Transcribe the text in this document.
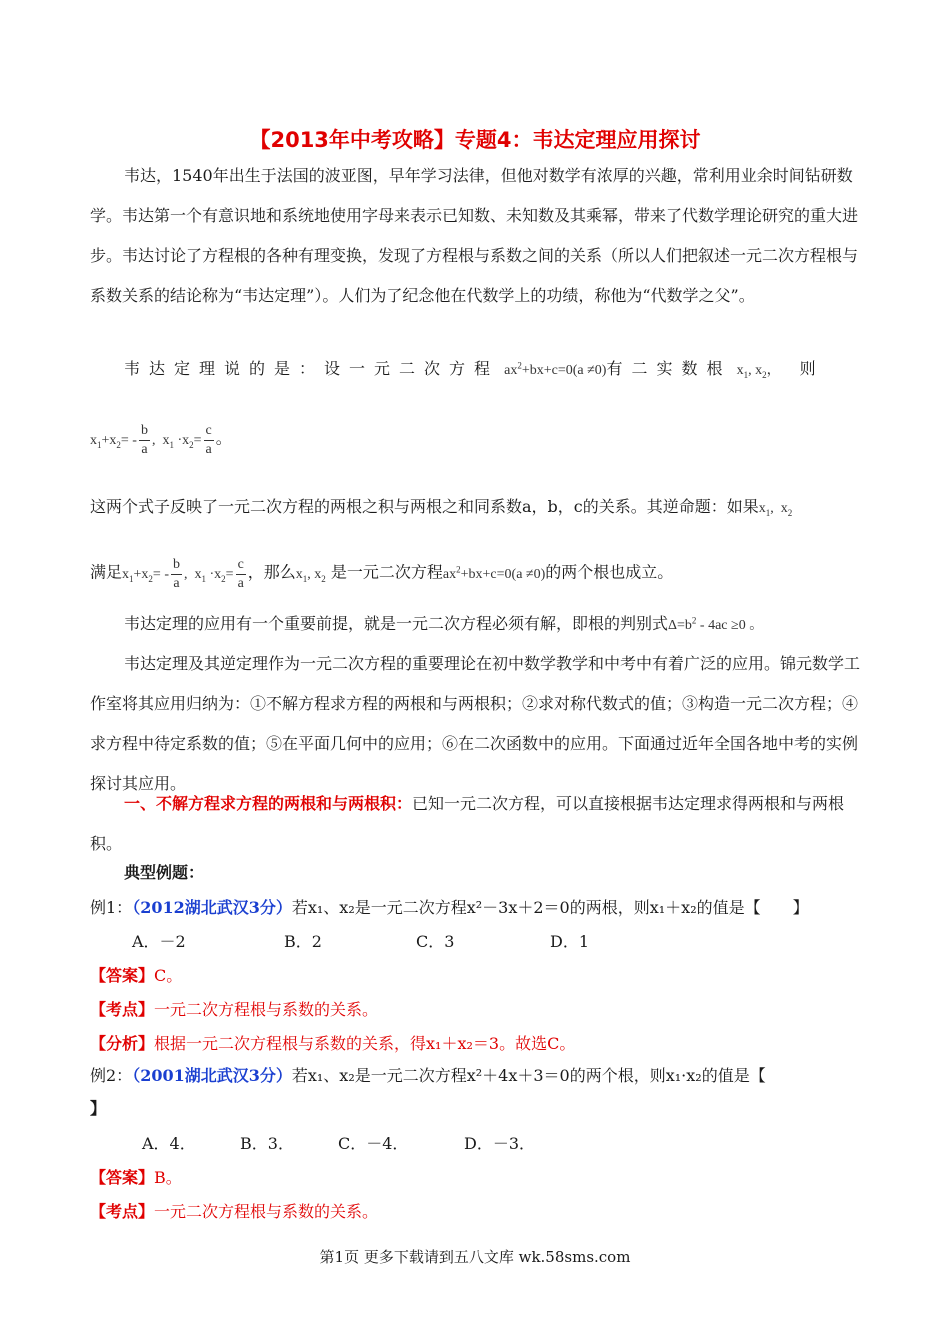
【2013年中考攻略】专题4：韦达定理应用探讨
韦达，1540年出生于法国的波亚图，早年学习法律，但他对数学有浓厚的兴趣，常利用业余时间钻研数学。韦达第一个有意识地和系统地使用字母来表示已知数、未知数及其乘幂，带来了代数学理论研究的重大进步。韦达讨论了方程根的各种有理变换，发现了方程根与系数之间的关系（所以人们把叙述一元二次方程根与系数关系的结论称为“韦达定理”）。人们为了纪念他在代数学上的功绩，称他为“代数学之父”。
韦达定理说的是：设一元二次方程 $ax^2+bx+c=0(a \ne 0)$有二实数根 $x_1$, $x_2$， 则
$x_1+x_2= - \frac{b}{a}$ ,  $x_1 \cdot x_2= \frac{c}{a}$ 。
这两个式子反映了一元二次方程的两根之积与两根之和同系数a，b，c的关系。其逆命题：如果$x_1$,  $x_2$
满足$x_1+x_2= - \frac{b}{a}$ ,  $x_1 \cdot x_2= \frac{c}{a}$ ，那么$x_1$, $x_2$ 是一元二次方程$ax^2+bx+c=0(a \ne 0)$的两个根也成立。
韦达定理的应用有一个重要前提，就是一元二次方程必须有解，即根的判别式$\Delta=b^2 - 4ac \ge 0$ 。
韦达定理及其逆定理作为一元二次方程的重要理论在初中数学教学和中考中有着广泛的应用。锦元数学工作室将其应用归纳为：①不解方程求方程的两根和与两根积；②求对称代数式的值；③构造一元二次方程；④求方程中待定系数的值；⑤在平面几何中的应用；⑥在二次函数中的应用。下面通过近年全国各地中考的实例探讨其应用。
一、不解方程求方程的两根和与两根积：已知一元二次方程，可以直接根据韦达定理求得两根和与两根积。
典型例题：
例1：（2012湖北武汉3分）若x₁、x₂是一元二次方程x²－3x＋2＝0的两根，则x₁＋x₂的值是【　　】
A．－2	B．2	C．3	D．1
【答案】C。
【考点】一元二次方程根与系数的关系。
【分析】根据一元二次方程根与系数的关系，得x₁＋x₂＝3。故选C。
例2：（2001湖北武汉3分）若x₁、x₂是一元二次方程x²＋4x＋3＝0的两个根，则x₁·x₂的值是【
】
A．4．	B．3．	C．－4．	D．－3．
【答案】B。
【考点】一元二次方程根与系数的关系。
第1页 更多下载请到五八文库 wk.58sms.com
